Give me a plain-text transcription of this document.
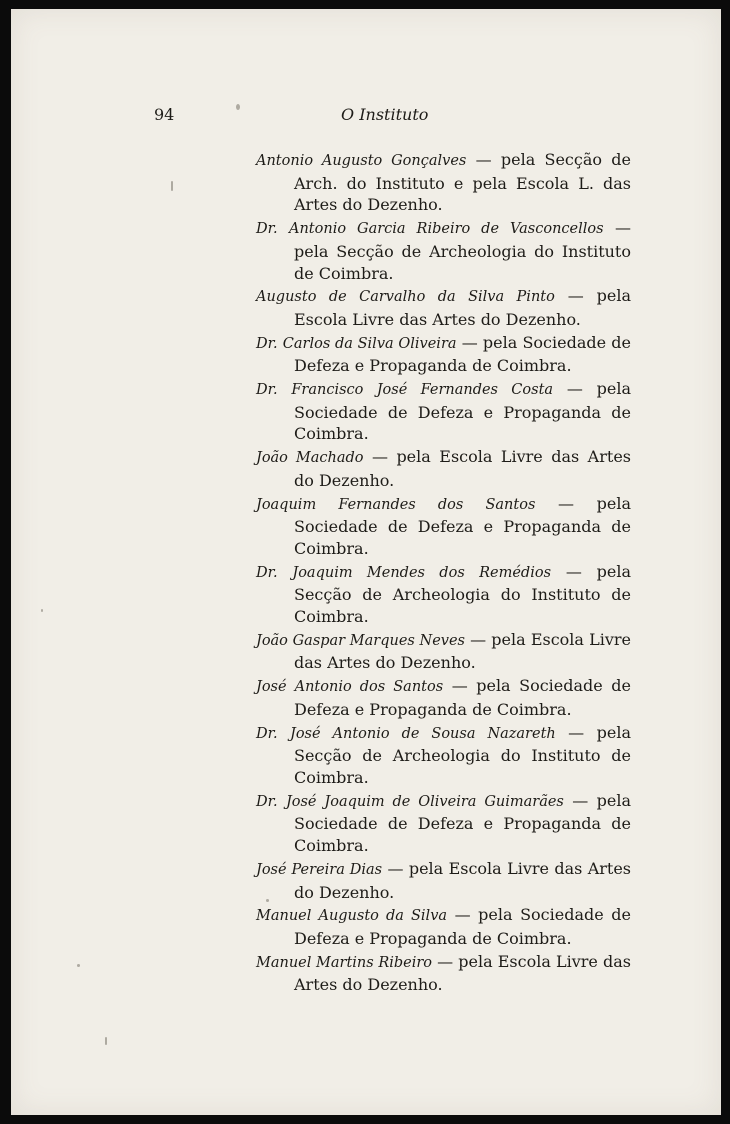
94	O Instituto

Antonio Augusto Gonçalves — pela Secção de Arch. do Instituto e pela Escola L. das Artes do Dezenho.

Dr. Antonio Garcia Ribeiro de Vasconcellos — pela Secção de Archeologia do Instituto de Coimbra.

Augusto de Carvalho da Silva Pinto — pela Escola Livre das Artes do Dezenho.

Dr. Carlos da Silva Oliveira — pela Sociedade de Defeza e Propaganda de Coimbra.

Dr. Francisco José Fernandes Costa — pela Sociedade de Defeza e Propaganda de Coimbra.

João Machado — pela Escola Livre das Artes do Dezenho.

Joaquim Fernandes dos Santos — pela Sociedade de Defeza e Propaganda de Coimbra.

Dr. Joaquim Mendes dos Remédios — pela Secção de Archeologia do Instituto de Coimbra.

João Gaspar Marques Neves — pela Escola Livre das Artes do Dezenho.

José Antonio dos Santos — pela Sociedade de Defeza e Propaganda de Coimbra.

Dr. José Antonio de Sousa Nazareth — pela Secção de Archeologia do Instituto de Coimbra.

Dr. José Joaquim de Oliveira Guimarães — pela Sociedade de Defeza e Propaganda de Coimbra.

José Pereira Dias — pela Escola Livre das Artes do Dezenho.

Manuel Augusto da Silva — pela Sociedade de Defeza e Propaganda de Coimbra.

Manuel Martins Ribeiro — pela Escola Livre das Artes do Dezenho.
